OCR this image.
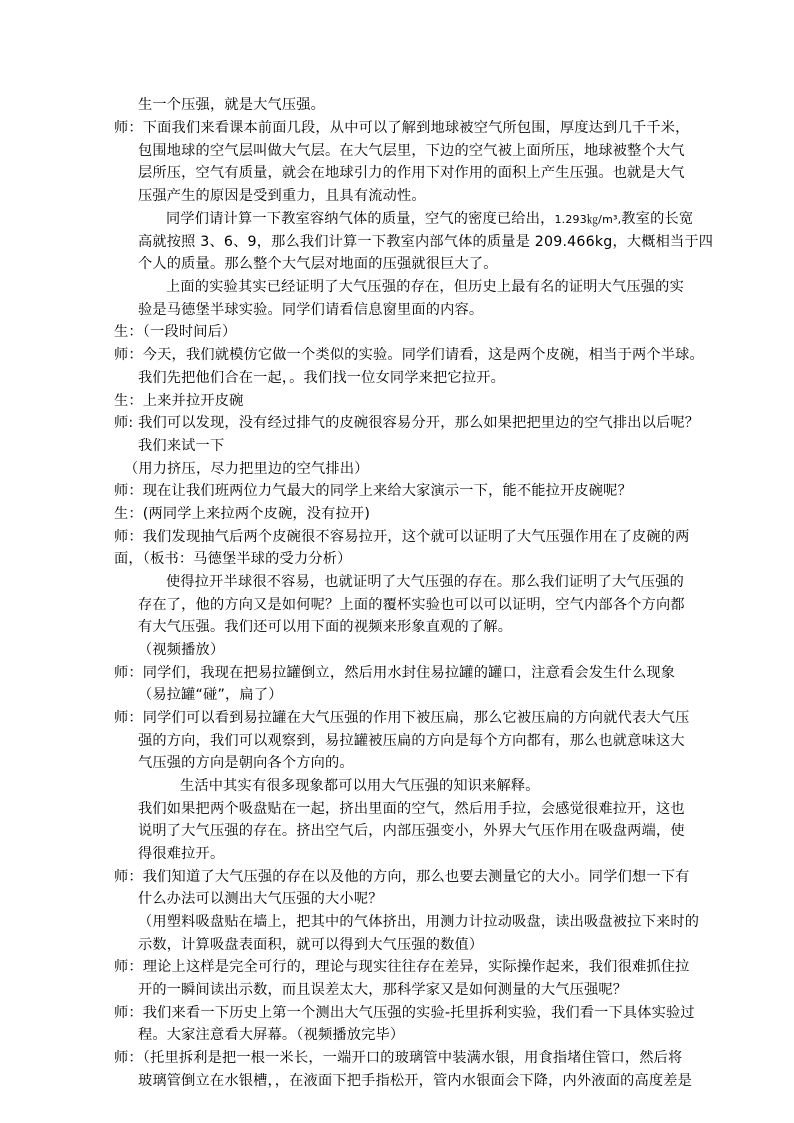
生一个压强，就是大气压强。
师：下面我们来看课本前面几段，从中可以了解到地球被空气所包围，厚度达到几千千米，
包围地球的空气层叫做大气层。在大气层里，下边的空气被上面所压，地球被整个大气
层所压，空气有质量，就会在地球引力的作用下对作用的面积上产生压强。也就是大气
压强产生的原因是受到重力，且具有流动性。
同学们请计算一下教室容纳气体的质量，空气的密度已给出，1.293㎏/m³,教室的长宽
高就按照 3、6、9，那么我们计算一下教室内部气体的质量是 209.466kg，大概相当于四
个人的质量。那么整个大气层对地面的压强就很巨大了。
上面的实验其实已经证明了大气压强的存在，但历史上最有名的证明大气压强的实
验是马德堡半球实验。同学们请看信息窗里面的内容。
生：（一段时间后）
师：今天，我们就模仿它做一个类似的实验。同学们请看，这是两个皮碗，相当于两个半球。
我们先把他们合在一起，。我们找一位女同学来把它拉开。
生：上来并拉开皮碗
师: 我们可以发现，没有经过排气的皮碗很容易分开，那么如果把把里边的空气排出以后呢？
我们来试一下
（用力挤压，尽力把里边的空气排出）
师：现在让我们班两位力气最大的同学上来给大家演示一下，能不能拉开皮碗呢？
生：(两同学上来拉两个皮碗，没有拉开)
师：我们发现抽气后两个皮碗很不容易拉开，这个就可以证明了大气压强作用在了皮碗的两
面，（板书：马德堡半球的受力分析）
使得拉开半球很不容易，也就证明了大气压强的存在。那么我们证明了大气压强的
存在了，他的方向又是如何呢？上面的覆杯实验也可以可以证明，空气内部各个方向都
有大气压强。我们还可以用下面的视频来形象直观的了解。
（视频播放）
师：同学们，我现在把易拉罐倒立，然后用水封住易拉罐的罐口，注意看会发生什么现象
（易拉罐“碰”，扁了）
师：同学们可以看到易拉罐在大气压强的作用下被压扁，那么它被压扁的方向就代表大气压
强的方向，我们可以观察到，易拉罐被压扁的方向是每个方向都有，那么也就意味这大
气压强的方向是朝向各个方向的。
生活中其实有很多现象都可以用大气压强的知识来解释。
我们如果把两个吸盘贴在一起，挤出里面的空气，然后用手拉，会感觉很难拉开，这也
说明了大气压强的存在。挤出空气后，内部压强变小，外界大气压作用在吸盘两端，使
得很难拉开。
师：我们知道了大气压强的存在以及他的方向，那么也要去测量它的大小。同学们想一下有
什么办法可以测出大气压强的大小呢？
（用塑料吸盘贴在墙上，把其中的气体挤出，用测力计拉动吸盘，读出吸盘被拉下来时的
示数，计算吸盘表面积，就可以得到大气压强的数值）
师：理论上这样是完全可行的，理论与现实往往存在差异，实际操作起来，我们很难抓住拉
开的一瞬间读出示数，而且误差太大，那科学家又是如何测量的大气压强呢？
师：我们来看一下历史上第一个测出大气压强的实验-托里拆利实验，我们看一下具体实验过
程。大家注意看大屏幕。（视频播放完毕）
师：（托里拆利是把一根一米长，一端开口的玻璃管中装满水银，用食指堵住管口，然后将
玻璃管倒立在水银槽，，在液面下把手指松开，管内水银面会下降，内外液面的高度差是
